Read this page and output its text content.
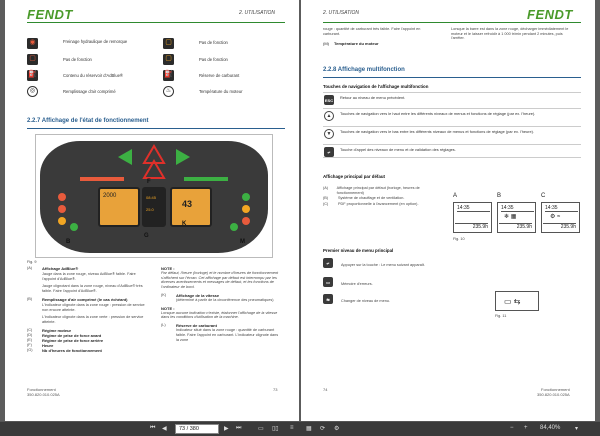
FENDT	2. UTILISATION
◉	Freinage hydraulique de remorque	▢	Pas de fonction
▢	Pas de fonction	▢	Pas de fonction
⛽	Contenu du réservoir d'AdBlue®	⛽	Réserve de carburant
◎	Remplissage d'air comprimé	♨	Température du moteur
2.2.7 Affichage de l'état de fonctionnement
2000	08:45
25.0
43
F
K
B
G
M
Fig. 9
(A)	Affichage AdBlue®
Jauge dans la zone rouge, niveau AdBlue® faible. Faire l'appoint d'AdBlue®.
Jauge clignotant dans la zone rouge, niveau d'AdBlue® très faible. Faire l'appoint d'AdBlue®.
(B)	Remplissage d'air comprimé (le cas échéant)
L'indicateur clignote dans la zone rouge : pression de service non encore atteinte.
L'indicateur clignote dans la zone verte : pression de service atteinte.
(C)	Régime moteur
(D)	Régime de prise de force avant
(E)	Régime de prise de force arrière
(F)	Heure
(G)	Nb d'heures de fonctionnement
NOTE :
Par défaut, l'heure (horloge) et le nombre d'heures de fonctionnement s'affichent sur l'écran. Cet affichage par défaut est interrompu par les diverses avertissements et messages de défaut, et les fonctions de l'ordinateur de bord.
(K)	Affichage de la vitesse
(déterminé à partir de la circonférence des pneumatiques)
NOTE :
Lorsque aucune indication n'existe, étalonner l'affichage de la vitesse dans les conditions d'utilisation de la machine.
(L)	Réserve de carburant
Indicateur situé dans la zone rouge : quantité de carburant faible. Faire l'appoint en carburant. L'indicateur clignote dans la zone
Fonctionnement
350.820.010.025A
73
2. UTILISATION	FENDT
rouge : quantité de carburant très faible. Faire l'appoint en carburant.
(M) Température du moteur
Lorsque la barre est dans la zone rouge, décharger immédiatement le moteur et le laisser refroidir à 1 000 tr/min pendant 2 minutes, puis l'arrêter.
2.2.8 Affichage multifonction
Touches de navigation de l'affichage multifonction
ESC Retour au niveau de menu précédent.
▲	Touches de navigation vers le haut entre les différents niveaux de menus et fonctions de réglage (par ex. l'heure).
▼	Touches de navigation vers le bas entre les différents niveaux de menus et fonctions de réglage (par ex. l'heure).
↵	Touche d'appel des niveaux de menu et de validation des réglages.
Affichage principal par défaut
(A)	Affichage principal par défaut (horloge, heures de fonctionnement)
(B)	Système de chauffage et de ventilation.
(C)	PDF proportionnelle à l'avancement (en option).
A
14:35
235.9h
B
14:35
❄ ▦
235.9h
C
14:35
⚙ ≈
235.9h
Fig. 10
Premier niveau de menu principal
↵	Appuyer sur la touche : Le menu suivant apparaît.
▭	Mémoire d'erreurs.
⇆	Changer de niveau de menu.	▭ ⇆
Fig. 11
74	Fonctionnement
350.820.010.025A
⏮ ◀	73 / 380	▶ ⏭	▭ ▯▯ ≡ ▦ ⟳ ⚙	− + 84,40% ▾
